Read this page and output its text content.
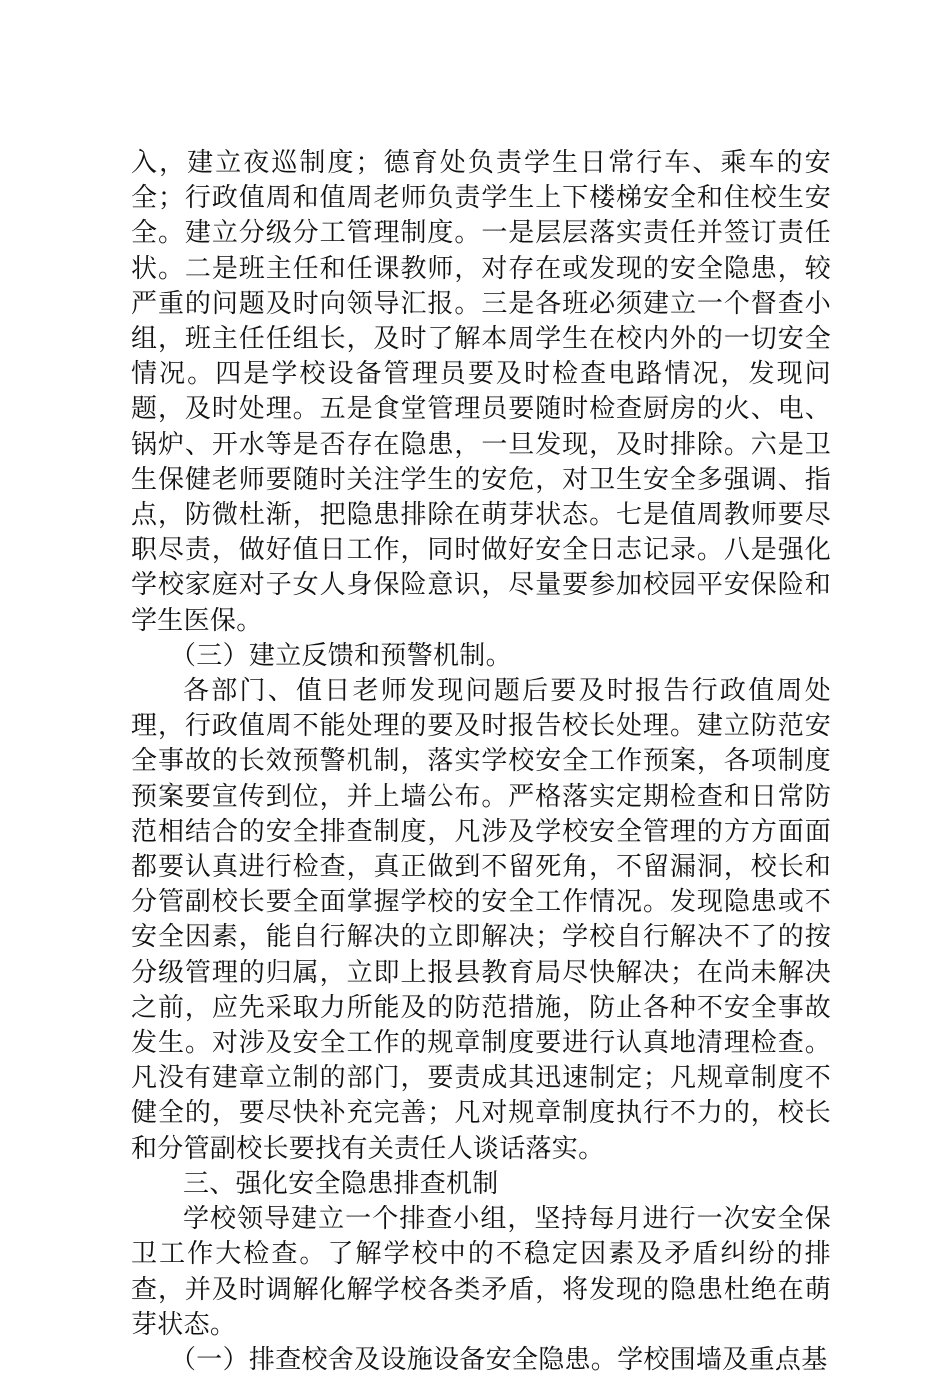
入，建立夜巡制度；德育处负责学生日常行车、乘车的安全；行政值周和值周老师负责学生上下楼梯安全和住校生安全。建立分级分工管理制度。一是层层落实责任并签订责任状。二是班主任和任课教师，对存在或发现的安全隐患，较严重的问题及时向领导汇报。三是各班必须建立一个督查小组，班主任任组长，及时了解本周学生在校内外的一切安全情况。四是学校设备管理员要及时检查电路情况，发现问题，及时处理。五是食堂管理员要随时检查厨房的火、电、锅炉、开水等是否存在隐患，一旦发现，及时排除。六是卫生保健老师要随时关注学生的安危，对卫生安全多强调、指点，防微杜渐，把隐患排除在萌芽状态。七是值周教师要尽职尽责，做好值日工作，同时做好安全日志记录。八是强化学校家庭对子女人身保险意识，尽量要参加校园平安保险和学生医保。

（三）建立反馈和预警机制。

各部门、值日老师发现问题后要及时报告行政值周处理，行政值周不能处理的要及时报告校长处理。建立防范安全事故的长效预警机制，落实学校安全工作预案，各项制度预案要宣传到位，并上墙公布。严格落实定期检查和日常防范相结合的安全排查制度，凡涉及学校安全管理的方方面面都要认真进行检查，真正做到不留死角，不留漏洞，校长和分管副校长要全面掌握学校的安全工作情况。发现隐患或不安全因素，能自行解决的立即解决；学校自行解决不了的按分级管理的归属，立即上报县教育局尽快解决；在尚未解决之前，应先采取力所能及的防范措施，防止各种不安全事故发生。对涉及安全工作的规章制度要进行认真地清理检查。凡没有建章立制的部门，要责成其迅速制定；凡规章制度不健全的，要尽快补充完善；凡对规章制度执行不力的，校长和分管副校长要找有关责任人谈话落实。

三、强化安全隐患排查机制

学校领导建立一个排查小组，坚持每月进行一次安全保卫工作大检查。了解学校中的不稳定因素及矛盾纠纷的排查，并及时调解化解学校各类矛盾，将发现的隐患杜绝在萌芽状态。

（一）排查校舍及设施设备安全隐患。学校围墙及重点基
